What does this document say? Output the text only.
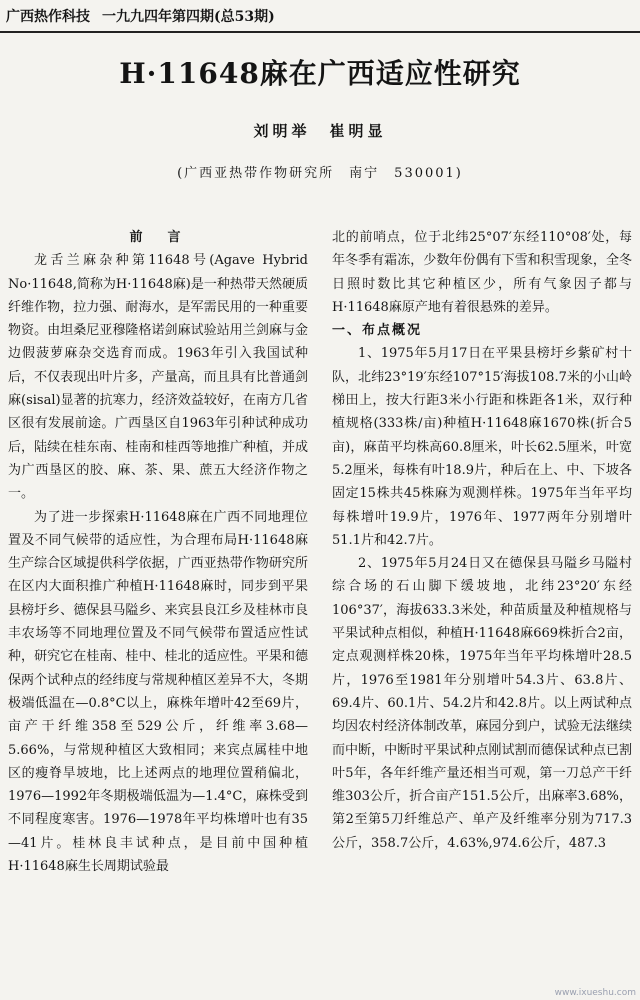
广西热作科技 一九九四年第四期(总53期)
H·11648麻在广西适应性研究
刘明举　崔明显
(广西亚热带作物研究所　南宁　530001)
前　言

龙舌兰麻杂种第11648号(Agave Hybrid No·11648,简称为H·11648麻)是一种热带天然硬质纤维作物，拉力强、耐海水，是军需民用的一种重要物资。由坦桑尼亚穆隆格诺剑麻试验站用兰剑麻与金边假菠萝麻杂交选育而成。1963年引入我国试种后，不仅表现出叶片多，产量高，而且具有比普通剑麻(sisal)显著的抗寒力，经济效益较好，在南方几省区很有发展前途。广西垦区自1963年引种试种成功后，陆续在桂东南、桂南和桂西等地推广种植，并成为广西垦区的胶、麻、茶、果、蔗五大经济作物之一。

为了进一步探索H·11648麻在广西不同地理位置及不同气候带的适应性，为合理布局H·11648麻生产综合区域提供科学依据，广西亚热带作物研究所在区内大面积推广种植H·11648麻时，同步到平果县榜圩乡、德保县马隘乡、来宾县良江乡及桂林市良丰农场等不同地理位置及不同气候带布置适应性试种，研究它在桂南、桂中、桂北的适应性。平果和德保两个试种点的经纬度与常规种植区差异不大，冬期极端低温在—0.8°C以上，麻株年增叶42至69片，亩产干纤维358至529公斤，纤维率3.68—5.66%，与常规种植区大致相同；来宾点属桂中地区的瘦脊旱坡地，比上述两点的地理位置稍偏北，1976—1992年冬期极端低温为—1.4°C，麻株受到不同程度寒害。1976—1978年平均株增叶也有35—41片。桂林良丰试种点，是目前中国种植H·11648麻生长周期试验最

北的前哨点，位于北纬25°07′东经110°08′处，每年冬季有霜冻，少数年份偶有下雪和积雪现象，全冬日照时数比其它种植区少，所有气象因子都与H·11648麻原产地有着很悬殊的差异。

一、布点概况

1、1975年5月17日在平果县榜圩乡紫矿村十队，北纬23°19′东经107°15′海拔108.7米的小山岭梯田上，按大行距3米小行距和株距各1米，双行种植规格(333株/亩)种植H·11648麻1670株(折合5亩)，麻苗平均株高60.8厘米，叶长62.5厘米，叶宽5.2厘米，每株有叶18.9片，种后在上、中、下坡各固定15株共45株麻为观测样株。1975年当年平均每株增叶19.9片，1976年、1977两年分别增叶51.1片和42.7片。

2、1975年5月24日又在德保县马隘乡马隘村综合场的石山脚下缓坡地，北纬23°20′东经106°37′，海拔633.3米处，种苗质量及种植规格与平果试种点相似，种植H·11648麻669株折合2亩，定点观测样株20株，1975年当年平均株增叶28.5片，1976至1981年分别增叶54.3片、63.8片、69.4片、60.1片、54.2片和42.8片。以上两试种点均因农村经济体制改革，麻园分到户，试验无法继续而中断，中断时平果试种点刚试割而德保试种点已割叶5年，各年纤维产量还相当可观，第一刀总产干纤维303公斤，折合亩产151.5公斤，出麻率3.68%，第2至第5刀纤维总产、单产及纤维率分别为717.3公斤，358.7公斤，4.63%,974.6公斤，487.3

www.ixueshu.com
